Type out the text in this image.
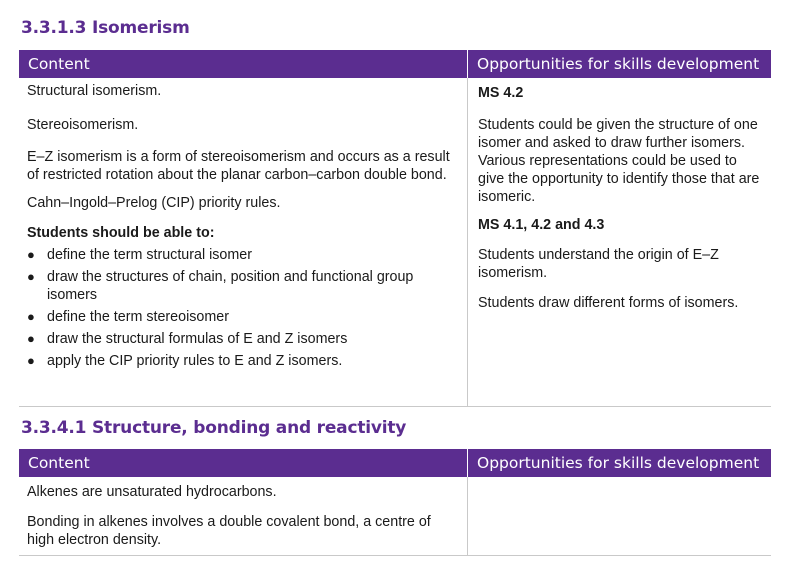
3.3.1.3 Isomerism
Content	Opportunities for skills development
Structural isomerism.
Stereoisomerism.
E–Z isomerism is a form of stereoisomerism and occurs as a result of restricted rotation about the planar carbon–carbon double bond.
Cahn–Ingold–Prelog (CIP) priority rules.
Students should be able to:
● define the term structural isomer
● draw the structures of chain, position and functional group isomers
● define the term stereoisomer
● draw the structural formulas of E and Z isomers
● apply the CIP priority rules to E and Z isomers.
MS 4.2
Students could be given the structure of one isomer and asked to draw further isomers. Various representations could be used to give the opportunity to identify those that are isomeric.
MS 4.1, 4.2 and 4.3
Students understand the origin of E–Z isomerism.
Students draw different forms of isomers.
3.3.4.1 Structure, bonding and reactivity
Content	Opportunities for skills development
Alkenes are unsaturated hydrocarbons.
Bonding in alkenes involves a double covalent bond, a centre of high electron density.
